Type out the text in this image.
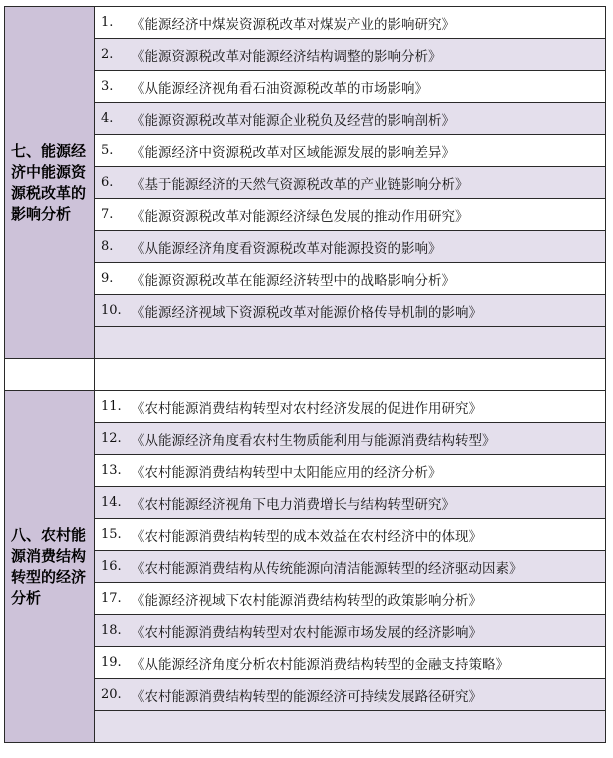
七、能源经济中能源资源税改革的影响分析	1. 《能源经济中煤炭资源税改革对煤炭产业的影响研究》

	2. 《能源资源税改革对能源经济结构调整的影响分析》

	3. 《从能源经济视角看石油资源税改革的市场影响》

	4. 《能源资源税改革对能源企业税负及经营的影响剖析》

	5. 《能源经济中资源税改革对区域能源发展的影响差异》

	6. 《基于能源经济的天然气资源税改革的产业链影响分析》

	7. 《能源资源税改革对能源经济绿色发展的推动作用研究》

	8. 《从能源经济角度看资源税改革对能源投资的影响》

	9. 《能源资源税改革在能源经济转型中的战略影响分析》

	10. 《能源经济视域下资源税改革对能源价格传导机制的影响》

八、农村能源消费结构转型的经济分析	11. 《农村能源消费结构转型对农村经济发展的促进作用研究》

	12. 《从能源经济角度看农村生物质能利用与能源消费结构转型》

	13. 《农村能源消费结构转型中太阳能应用的经济分析》

	14. 《农村能源经济视角下电力消费增长与结构转型研究》

	15. 《农村能源消费结构转型的成本效益在农村经济中的体现》

	16. 《农村能源消费结构从传统能源向清洁能源转型的经济驱动因素》

	17. 《能源经济视域下农村能源消费结构转型的政策影响分析》

	18. 《农村能源消费结构转型对农村能源市场发展的经济影响》

	19. 《从能源经济角度分析农村能源消费结构转型的金融支持策略》

	20. 《农村能源消费结构转型的能源经济可持续发展路径研究》
